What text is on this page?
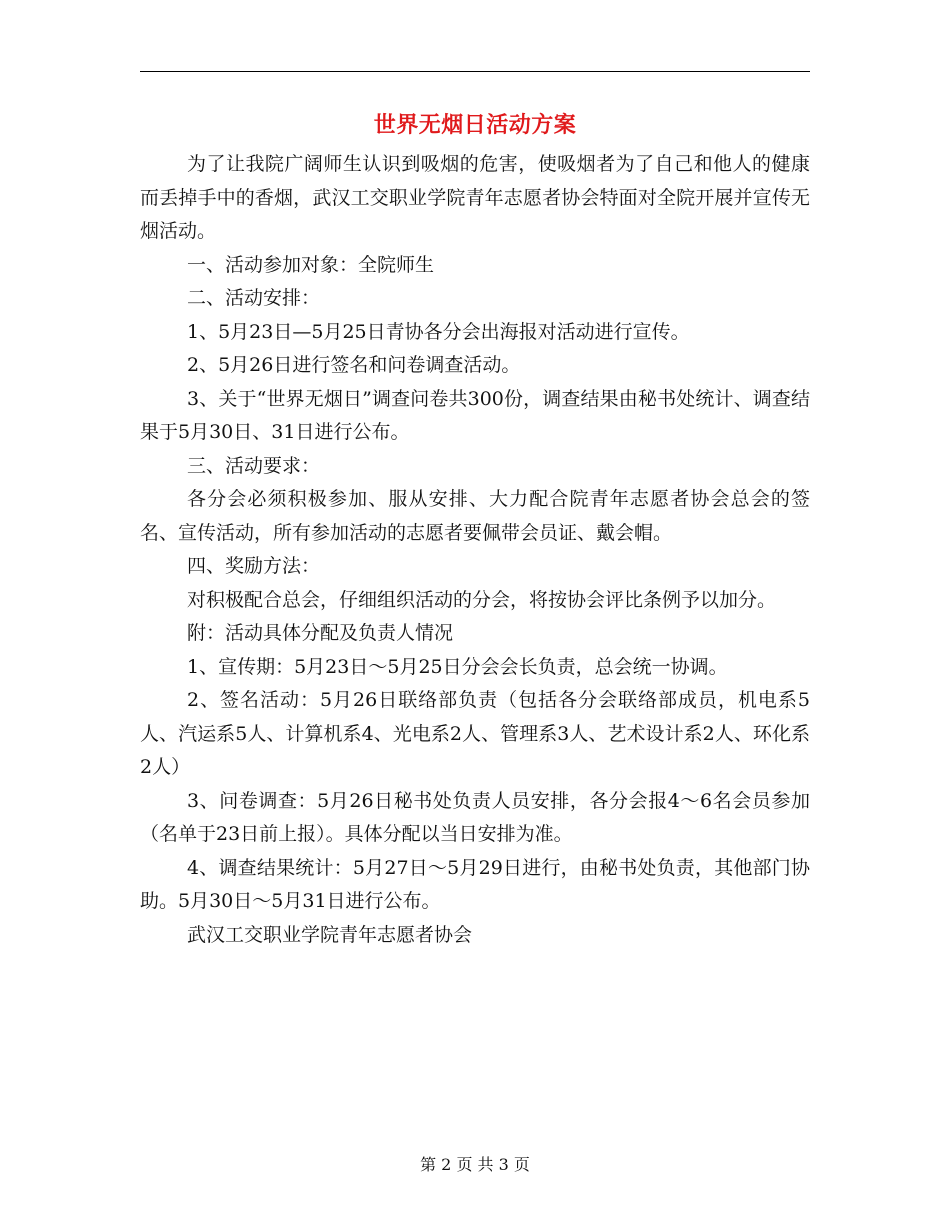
世界无烟日活动方案

为了让我院广阔师生认识到吸烟的危害，使吸烟者为了自己和他人的健康而丢掉手中的香烟，武汉工交职业学院青年志愿者协会特面对全院开展并宣传无烟活动。

一、活动参加对象：全院师生

二、活动安排：

1、5月23日—5月25日青协各分会出海报对活动进行宣传。

2、5月26日进行签名和问卷调查活动。

3、关于“世界无烟日”调查问卷共300份，调查结果由秘书处统计、调查结果于5月30日、31日进行公布。

三、活动要求：

各分会必须积极参加、服从安排、大力配合院青年志愿者协会总会的签名、宣传活动，所有参加活动的志愿者要佩带会员证、戴会帽。

四、奖励方法：

对积极配合总会，仔细组织活动的分会，将按协会评比条例予以加分。

附：活动具体分配及负责人情况

1、宣传期：5月23日～5月25日分会会长负责，总会统一协调。

2、签名活动：5月26日联络部负责（包括各分会联络部成员，机电系5人、汽运系5人、计算机系4、光电系2人、管理系3人、艺术设计系2人、环化系2人）

3、问卷调查：5月26日秘书处负责人员安排，各分会报4～6名会员参加（名单于23日前上报）。具体分配以当日安排为准。

4、调查结果统计：5月27日～5月29日进行，由秘书处负责，其他部门协助。5月30日～5月31日进行公布。

武汉工交职业学院青年志愿者协会

第 2 页 共 3 页
